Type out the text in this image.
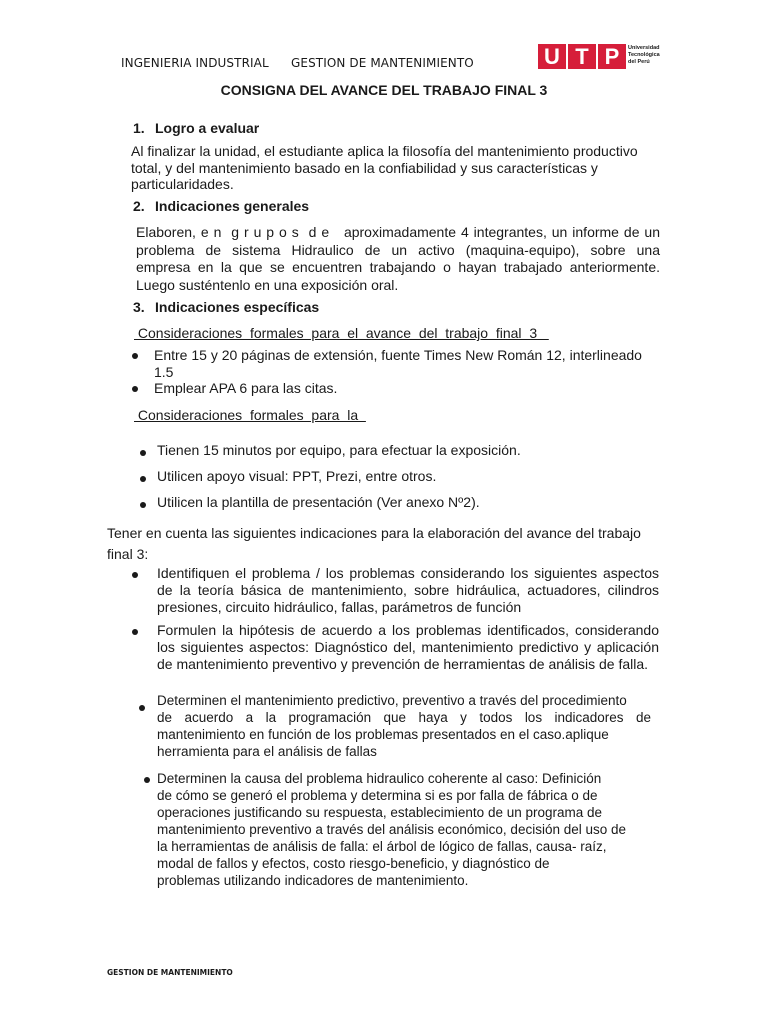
INGENIERIA INDUSTRIAL GESTION DE MANTENIMIENTO	U T P	Universidad
Tecnológica
del Perú
CONSIGNA DEL AVANCE DEL TRABAJO FINAL 3
1. Logro a evaluar
Al finalizar la unidad, el estudiante aplica la filosofía del mantenimiento productivo
total, y del mantenimiento basado en la confiabilidad y sus características y
particularidades.
2. Indicaciones generales
Elaboren, e n  g r u p o s  d e   aproximadamente 4 integrantes, un informe de un
problema de sistema Hidraulico de un activo (maquina-equipo), sobre una
empresa en la que se encuentren trabajando o hayan trabajado anteriormente.
Luego susténtenlo en una exposición oral.
3. Indicaciones específicas
Consideraciones  formales  para  el  avance  del  trabajo  final  3
Entre 15 y 20 páginas de extensión, fuente Times New Román 12, interlineado
1.5
Emplear APA 6 para las citas.
Consideraciones  formales  para  la
Tienen 15 minutos por equipo, para efectuar la exposición.
Utilicen apoyo visual: PPT, Prezi, entre otros.
Utilicen la plantilla de presentación (Ver anexo Nº2).
Tener en cuenta las siguientes indicaciones para la elaboración del avance del trabajo
final 3:
Identifiquen el problema / los problemas considerando los siguientes aspectos
de la teoría básica de mantenimiento, sobre hidráulica, actuadores, cilindros
presiones, circuito hidráulico, fallas, parámetros de función
Formulen la hipótesis de acuerdo a los problemas identificados, considerando
los siguientes aspectos: Diagnóstico del, mantenimiento predictivo y aplicación
de mantenimiento preventivo y prevención de herramientas de análisis de falla.
Determinen el mantenimiento predictivo, preventivo a través del procedimiento
de acuerdo a la programación que haya y todos los indicadores de
mantenimiento en función de los problemas presentados en el caso.aplique
herramienta para el análisis de fallas
Determinen la causa del problema hidraulico coherente al caso: Definición
de cómo se generó el problema y determina si es por falla de fábrica o de
operaciones justificando su respuesta, establecimiento de un programa de
mantenimiento preventivo a través del análisis económico, decisión del uso de
la herramientas de análisis de falla: el árbol de lógico de fallas, causa- raíz,
modal de fallos y efectos, costo riesgo-beneficio, y diagnóstico de
problemas utilizando indicadores de mantenimiento.
GESTION DE MANTENIMIENTO
